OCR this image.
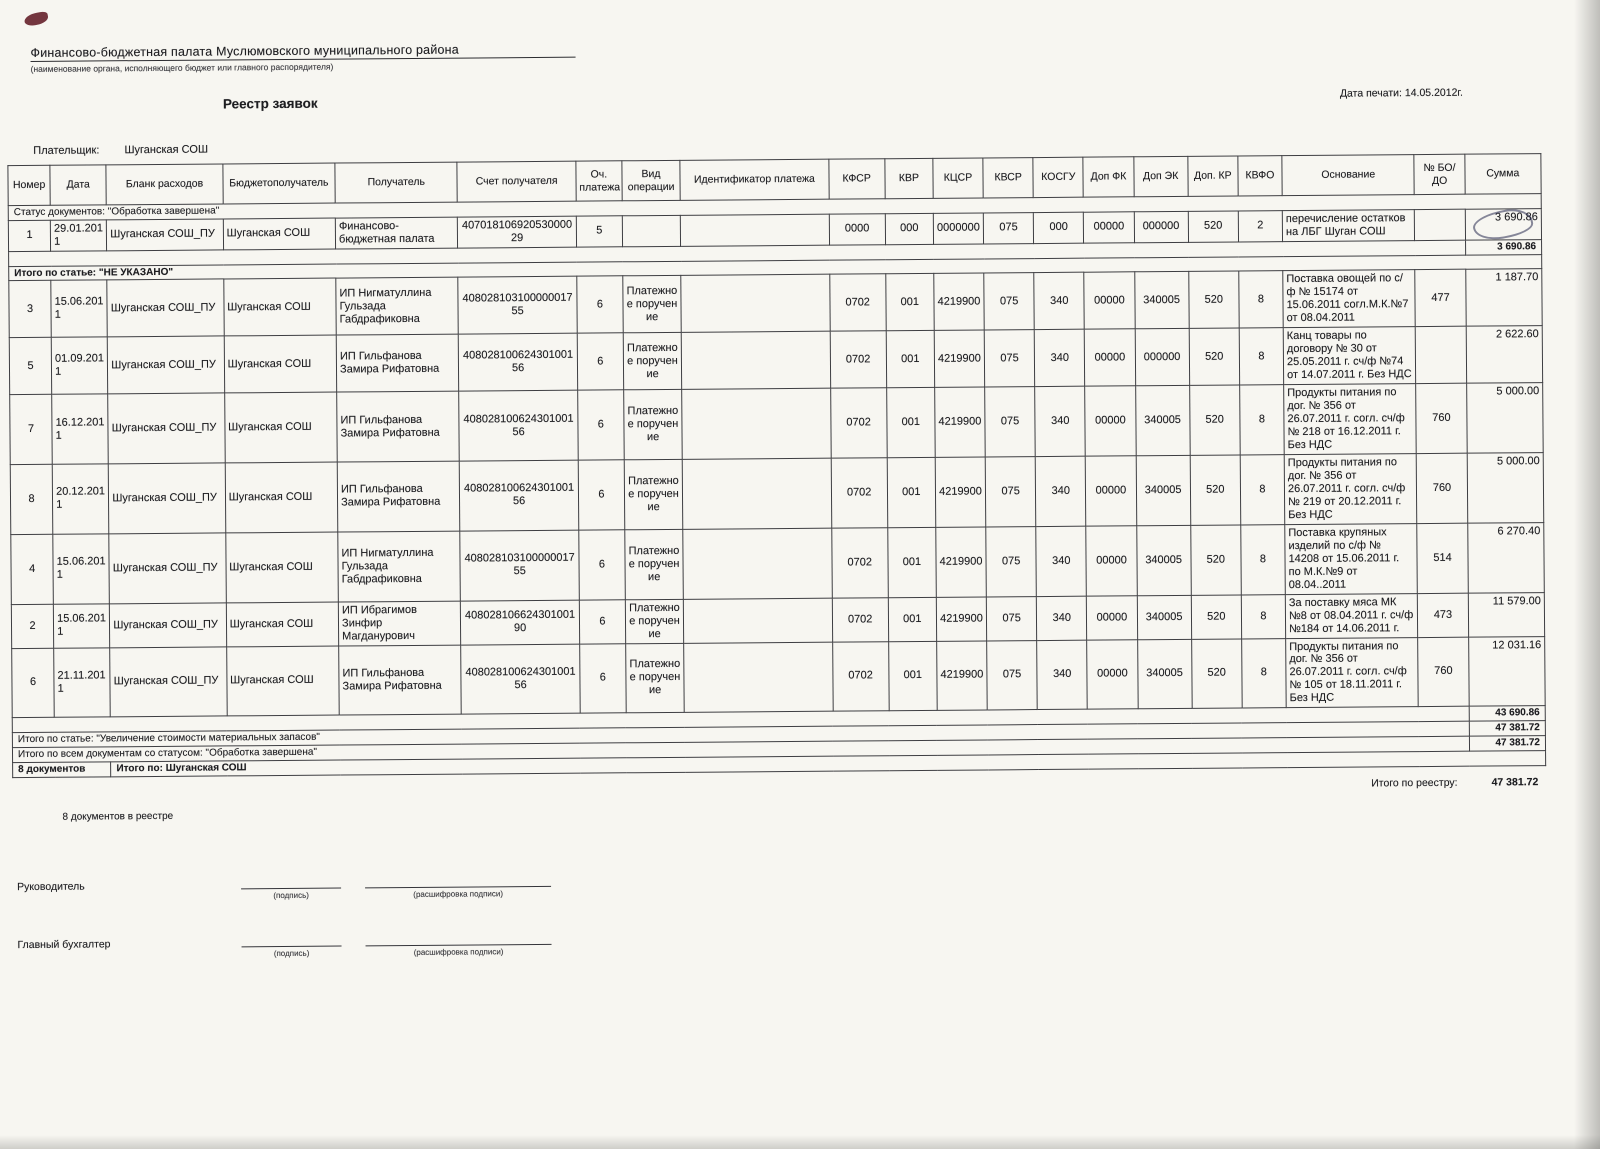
Финансово-бюджетная палата Муслюмовского муниципального района
(наименование органа, исполняющего бюджет или главного распорядителя)
Реестр заявок
Дата печати: 14.05.2012г.
Плательщик: Шуганская СОШ
Номер	Дата	Бланк расходов	Бюджетополучатель	Получатель	Счет получателя	Оч. платежа	Вид операции	Идентификатор платежа	КФСР	КВР	КЦСР	КВСР	КОСГУ	Доп ФК	Доп ЭК	Доп. КР	КВФО	Основание	№ БО/ДО	Сумма
Статус документов: "Обработка завершена"																				
1	29.01.2011	Шуганская СОШ_ПУ	Шуганская СОШ	Финансово-бюджетная палата	40701810692053000029	5			0000	000	0000000	075	000	00000	000000	520	2	перечисление остатков на ЛБГ Шуган СОШ		3 690.86
																				3 690.86
Итого по статье: "НЕ УКАЗАНО"																				
3	15.06.2011	Шуганская СОШ_ПУ	Шуганская СОШ	ИП Нигматуллина Гульзада Габдрафиковна	40802810310000001755	6	Платежное поручение		0702	001	4219900	075	340	00000	340005	520	8	Поставка овощей по с/ф № 15174 от 15.06.2011 согл.М.К.№7 от 08.04.2011	477	1 187.70
5	01.09.2011	Шуганская СОШ_ПУ	Шуганская СОШ	ИП Гильфанова Замира Рифатовна	40802810062430100156	6	Платежное поручение		0702	001	4219900	075	340	00000	000000	520	8	Канц товары по договору № 30 от 25.05.2011 г. сч/ф №74 от 14.07.2011 г. Без НДС		2 622.60
7	16.12.2011	Шуганская СОШ_ПУ	Шуганская СОШ	ИП Гильфанова Замира Рифатовна	40802810062430100156	6	Платежное поручение		0702	001	4219900	075	340	00000	340005	520	8	Продукты питания по дог. № 356 от 26.07.2011 г. согл. сч/ф № 218 от 16.12.2011 г. Без НДС	760	5 000.00
8	20.12.2011	Шуганская СОШ_ПУ	Шуганская СОШ	ИП Гильфанова Замира Рифатовна	40802810062430100156	6	Платежное поручение		0702	001	4219900	075	340	00000	340005	520	8	Продукты питания по дог. № 356 от 26.07.2011 г. согл. сч/ф № 219 от 20.12.2011 г. Без НДС	760	5 000.00
4	15.06.2011	Шуганская СОШ_ПУ	Шуганская СОШ	ИП Нигматуллина Гульзада Габдрафиковна	40802810310000001755	6	Платежное поручение		0702	001	4219900	075	340	00000	340005	520	8	Поставка крупяных изделий по с/ф № 14208 от 15.06.2011 г. по М.К.№9 от 08.04..2011	514	6 270.40
2	15.06.2011	Шуганская СОШ_ПУ	Шуганская СОШ	ИП Ибрагимов Зинфир Магданурович	40802810662430100190	6	Платежное поручение		0702	001	4219900	075	340	00000	340005	520	8	За поставку мяса МК №8 от 08.04.2011 г. сч/ф №184 от 14.06.2011 г.	473	11 579.00
6	21.11.2011	Шуганская СОШ_ПУ	Шуганская СОШ	ИП Гильфанова Замира Рифатовна	40802810062430100156	6	Платежное поручение		0702	001	4219900	075	340	00000	340005	520	8	Продукты питания по дог. № 356 от 26.07.2011 г. согл. сч/ф № 105 от 18.11.2011 г. Без НДС	760	12 031.16
																				43 690.86
Итого по статье: "Увеличение стоимости материальных запасов"																				47 381.72
Итого по всем документам со статусом: "Обработка завершена"																				47 381.72
8 документов		Итого по: Шуганская СОШ																		
Итого по реестру:	47 381.72
8 документов в реестре
Руководитель
(подпись)	(расшифровка подписи)
Главный бухгалтер
(подпись)	(расшифровка подписи)
